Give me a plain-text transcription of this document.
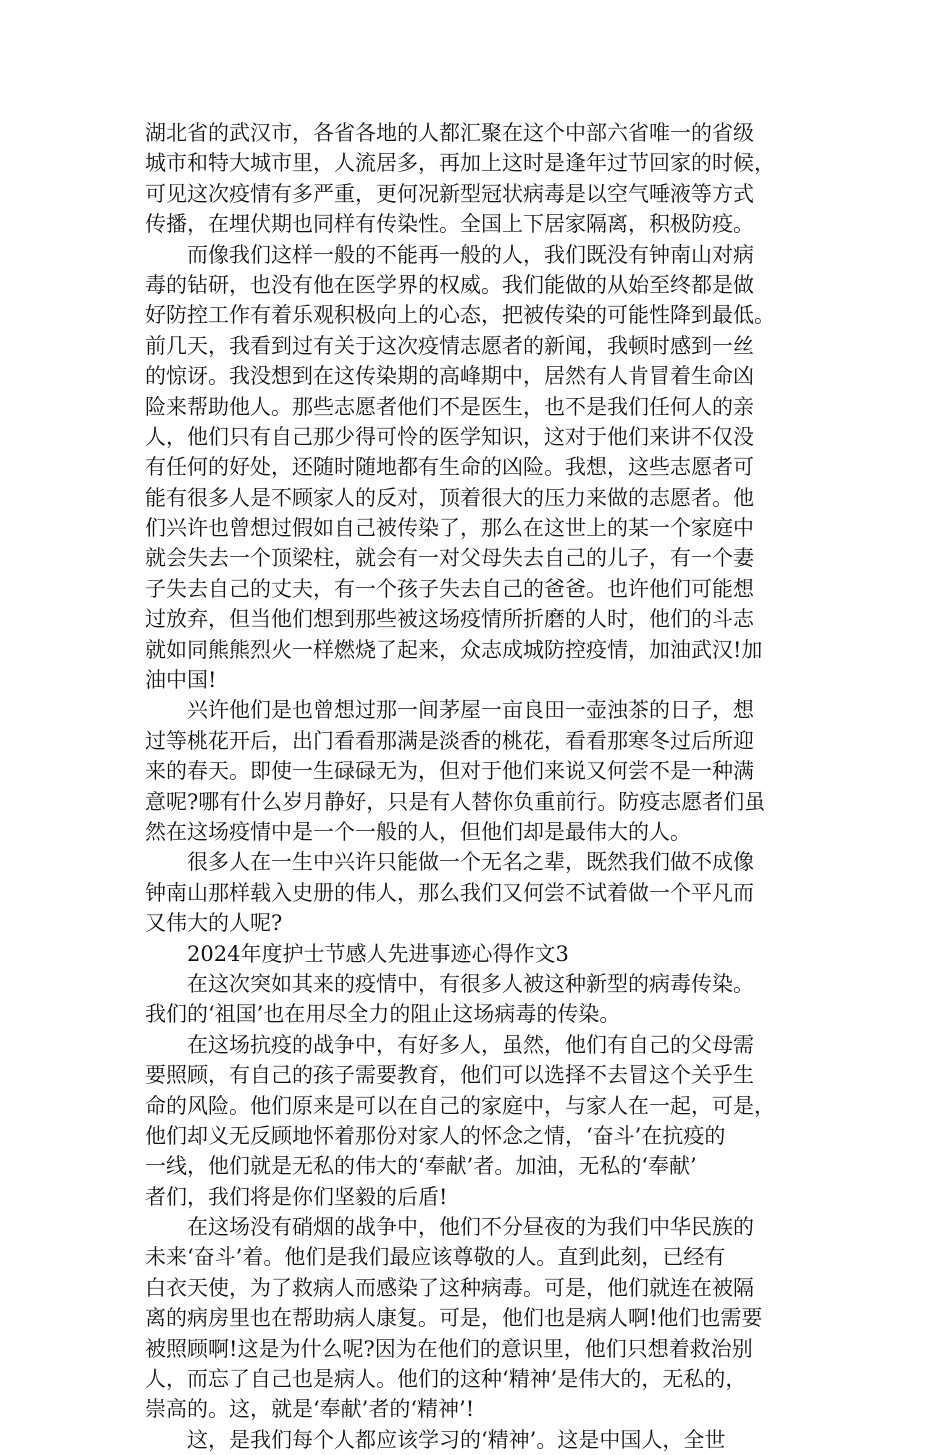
湖北省的武汉市，各省各地的人都汇聚在这个中部六省唯一的省级
城市和特大城市里，人流居多，再加上这时是逢年过节回家的时候，
可见这次疫情有多严重，更何况新型冠状病毒是以空气唾液等方式
传播，在埋伏期也同样有传染性。全国上下居家隔离，积极防疫。
而像我们这样一般的不能再一般的人，我们既没有钟南山对病
毒的钻研，也没有他在医学界的权威。我们能做的从始至终都是做
好防控工作有着乐观积极向上的心态，把被传染的可能性降到最低。
前几天，我看到过有关于这次疫情志愿者的新闻，我顿时感到一丝
的惊讶。我没想到在这传染期的高峰期中，居然有人肯冒着生命凶
险来帮助他人。那些志愿者他们不是医生，也不是我们任何人的亲
人，他们只有自己那少得可怜的医学知识，这对于他们来讲不仅没
有任何的好处，还随时随地都有生命的凶险。我想，这些志愿者可
能有很多人是不顾家人的反对，顶着很大的压力来做的志愿者。他
们兴许也曾想过假如自己被传染了，那么在这世上的某一个家庭中
就会失去一个顶梁柱，就会有一对父母失去自己的儿子，有一个妻
子失去自己的丈夫，有一个孩子失去自己的爸爸。也许他们可能想
过放弃，但当他们想到那些被这场疫情所折磨的人时，他们的斗志
就如同熊熊烈火一样燃烧了起来，众志成城防控疫情，加油武汉!加
油中国!
兴许他们是也曾想过那一间茅屋一亩良田一壶浊茶的日子，想
过等桃花开后，出门看看那满是淡香的桃花，看看那寒冬过后所迎
来的春天。即使一生碌碌无为，但对于他们来说又何尝不是一种满
意呢?哪有什么岁月静好，只是有人替你负重前行。防疫志愿者们虽
然在这场疫情中是一个一般的人，但他们却是最伟大的人。
很多人在一生中兴许只能做一个无名之辈，既然我们做不成像
钟南山那样载入史册的伟人，那么我们又何尝不试着做一个平凡而
又伟大的人呢?
2024年度护士节感人先进事迹心得作文3
在这次突如其来的疫情中，有很多人被这种新型的病毒传染。
我们的‘祖国’也在用尽全力的阻止这场病毒的传染。
在这场抗疫的战争中，有好多人，虽然，他们有自己的父母需
要照顾，有自己的孩子需要教育，他们可以选择不去冒这个关乎生
命的风险。他们原来是可以在自己的家庭中，与家人在一起，可是，
他们却义无反顾地怀着那份对家人的怀念之情，‘奋斗’在抗疫的
一线，他们就是无私的伟大的‘奉献’者。加油，无私的‘奉献’
者们，我们将是你们坚毅的后盾!
在这场没有硝烟的战争中，他们不分昼夜的为我们中华民族的
未来‘奋斗’着。他们是我们最应该尊敬的人。直到此刻，已经有
白衣天使，为了救病人而感染了这种病毒。可是，他们就连在被隔
离的病房里也在帮助病人康复。可是，他们也是病人啊!他们也需要
被照顾啊!这是为什么呢?因为在他们的意识里，他们只想着救治别
人，而忘了自己也是病人。他们的这种‘精神’是伟大的，无私的，
崇高的。这，就是‘奉献’者的‘精神’!
这，是我们每个人都应该学习的‘精神’。这是中国人，全世
